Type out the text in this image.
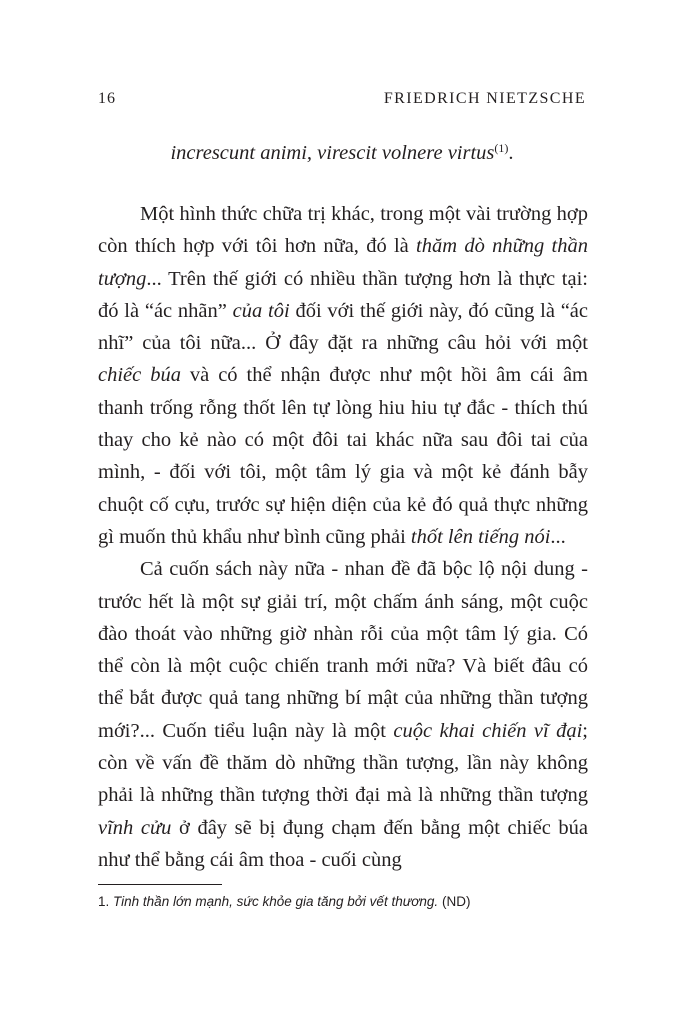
16	FRIEDRICH NIETZSCHE
increscunt animi, virescit volnere virtus$^{(1)}$.

Một hình thức chữa trị khác, trong một vài trường hợp còn thích hợp với tôi hơn nữa, đó là thăm dò những thần tượng... Trên thế giới có nhiều thần tượng hơn là thực tại: đó là “ác nhãn” của tôi đối với thế giới này, đó cũng là “ác nhĩ” của tôi nữa... Ở đây đặt ra những câu hỏi với một chiếc búa và có thể nhận được như một hồi âm cái âm thanh trống rỗng thốt lên tự lòng hiu hiu tự đắc - thích thú thay cho kẻ nào có một đôi tai khác nữa sau đôi tai của mình, - đối với tôi, một tâm lý gia và một kẻ đánh bẫy chuột cố cựu, trước sự hiện diện của kẻ đó quả thực những gì muốn thủ khẩu như bình cũng phải thốt lên tiếng nói...

Cả cuốn sách này nữa - nhan đề đã bộc lộ nội dung - trước hết là một sự giải trí, một chấm ánh sáng, một cuộc đào thoát vào những giờ nhàn rỗi của một tâm lý gia. Có thể còn là một cuộc chiến tranh mới nữa? Và biết đâu có thể bắt được quả tang những bí mật của những thần tượng mới?... Cuốn tiểu luận này là một cuộc khai chiến vĩ đại; còn về vấn đề thăm dò những thần tượng, lần này không phải là những thần tượng thời đại mà là những thần tượng vĩnh cửu ở đây sẽ bị đụng chạm đến bằng một chiếc búa như thể bằng cái âm thoa - cuối cùng

1. Tinh thần lớn mạnh, sức khỏe gia tăng bởi vết thương. (ND)
